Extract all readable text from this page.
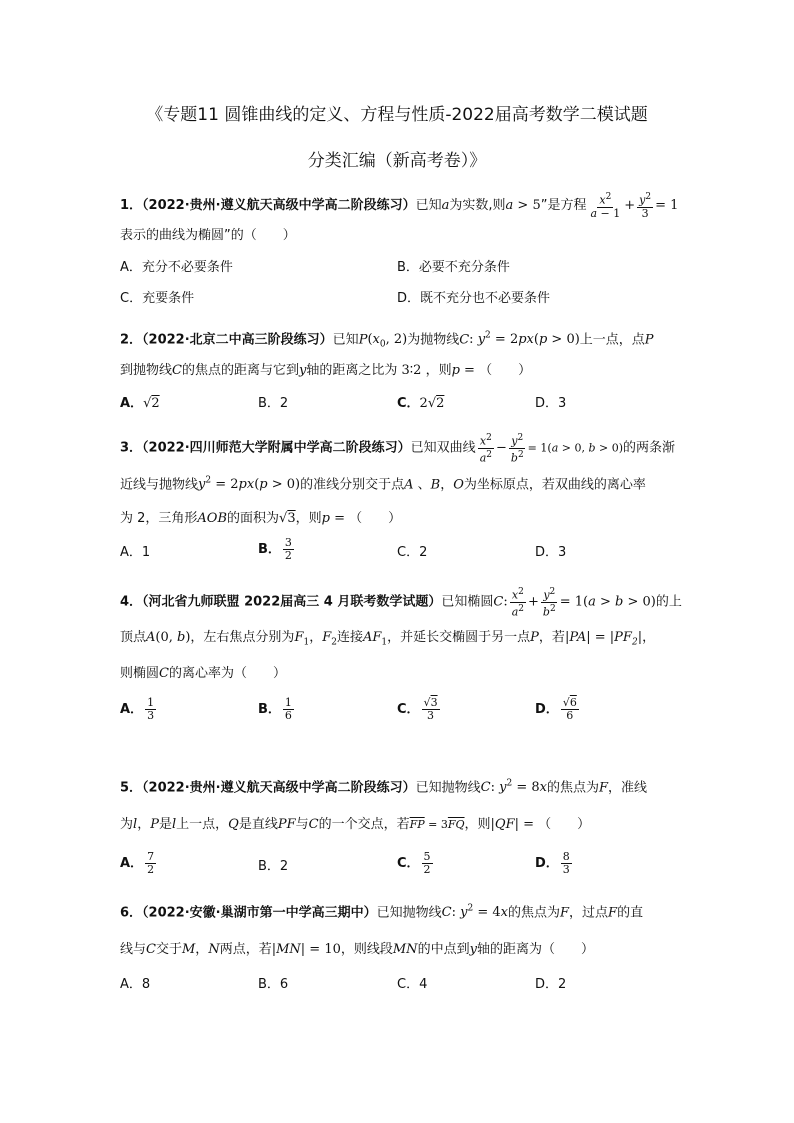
《专题11 圆锥曲线的定义、方程与性质-2022届高考数学二模试题
分类汇编（新高考卷）》
1．（2022·贵州·遵义航天高级中学高二阶段练习）已知a为实数,则a > 5”是方程 $\frac{x^2}{a - 1} + \frac{y^2}{3} = 1$
表示的曲线为椭圆”的（　　）
A．充分不必要条件	B．必要不充分条件
C．充要条件	D．既不充分也不必要条件
2．（2022·北京二中高三阶段练习）已知$P(x_0$, 2)为抛物线C: $y^2 = 2px(p > 0)$上一点，点P
到抛物线C的焦点的距离与它到y轴的距离之比为 3∶2 ，则p = （　　）
A．√2	B．2	C．2√2	D．3
3．（2022·四川师范大学附属中学高二阶段练习）已知双曲线 $\frac{x^2}{a^2} - \frac{y^2}{b^2} = 1(a > 0$, b > 0)的两条渐
近线与抛物线$y^2 = 2px(p > 0)$的准线分别交于点A 、B，O为坐标原点，若双曲线的离心率
为 2，三角形AOB的面积为√3，则p = （　　）
A．1	B． $\frac{3}{2}$	C．2	D．3
4．（河北省九师联盟 2022届高三 4 月联考数学试题）已知椭圆C: $\frac{x^2}{a^2} + \frac{y^2}{b^2} = 1(a > b > 0)$的上
顶点A(0, b)，左右焦点分别为$F_1$，$F_2$连接$AF_1$，并延长交椭圆于另一点P，若$|PA| = |PF_2|$，
则椭圆C的离心率为（　　）
A． $\frac{1}{3}$	B． $\frac{1}{6}$	C． $\frac{√3}{3}$	D． $\frac{√6}{6}$
5．（2022·贵州·遵义航天高级中学高二阶段练习）已知抛物线C: $y^2 = 8x$的焦点为F，准线
为l，P是l上一点，Q是直线PF与C的一个交点，若$\overline{FP} = 3\overline{FQ}$，则|QF| = （　　）
A． $\frac{7}{2}$	B．2	C． $\frac{5}{2}$	D． $\frac{8}{3}$
6．（2022·安徽·巢湖市第一中学高三期中）已知抛物线C: $y^2 = 4x$的焦点为F，过点F的直
线与C交于M，N两点，若|MN| = 10，则线段MN的中点到y轴的距离为（　　）
A．8	B．6	C．4	D．2
